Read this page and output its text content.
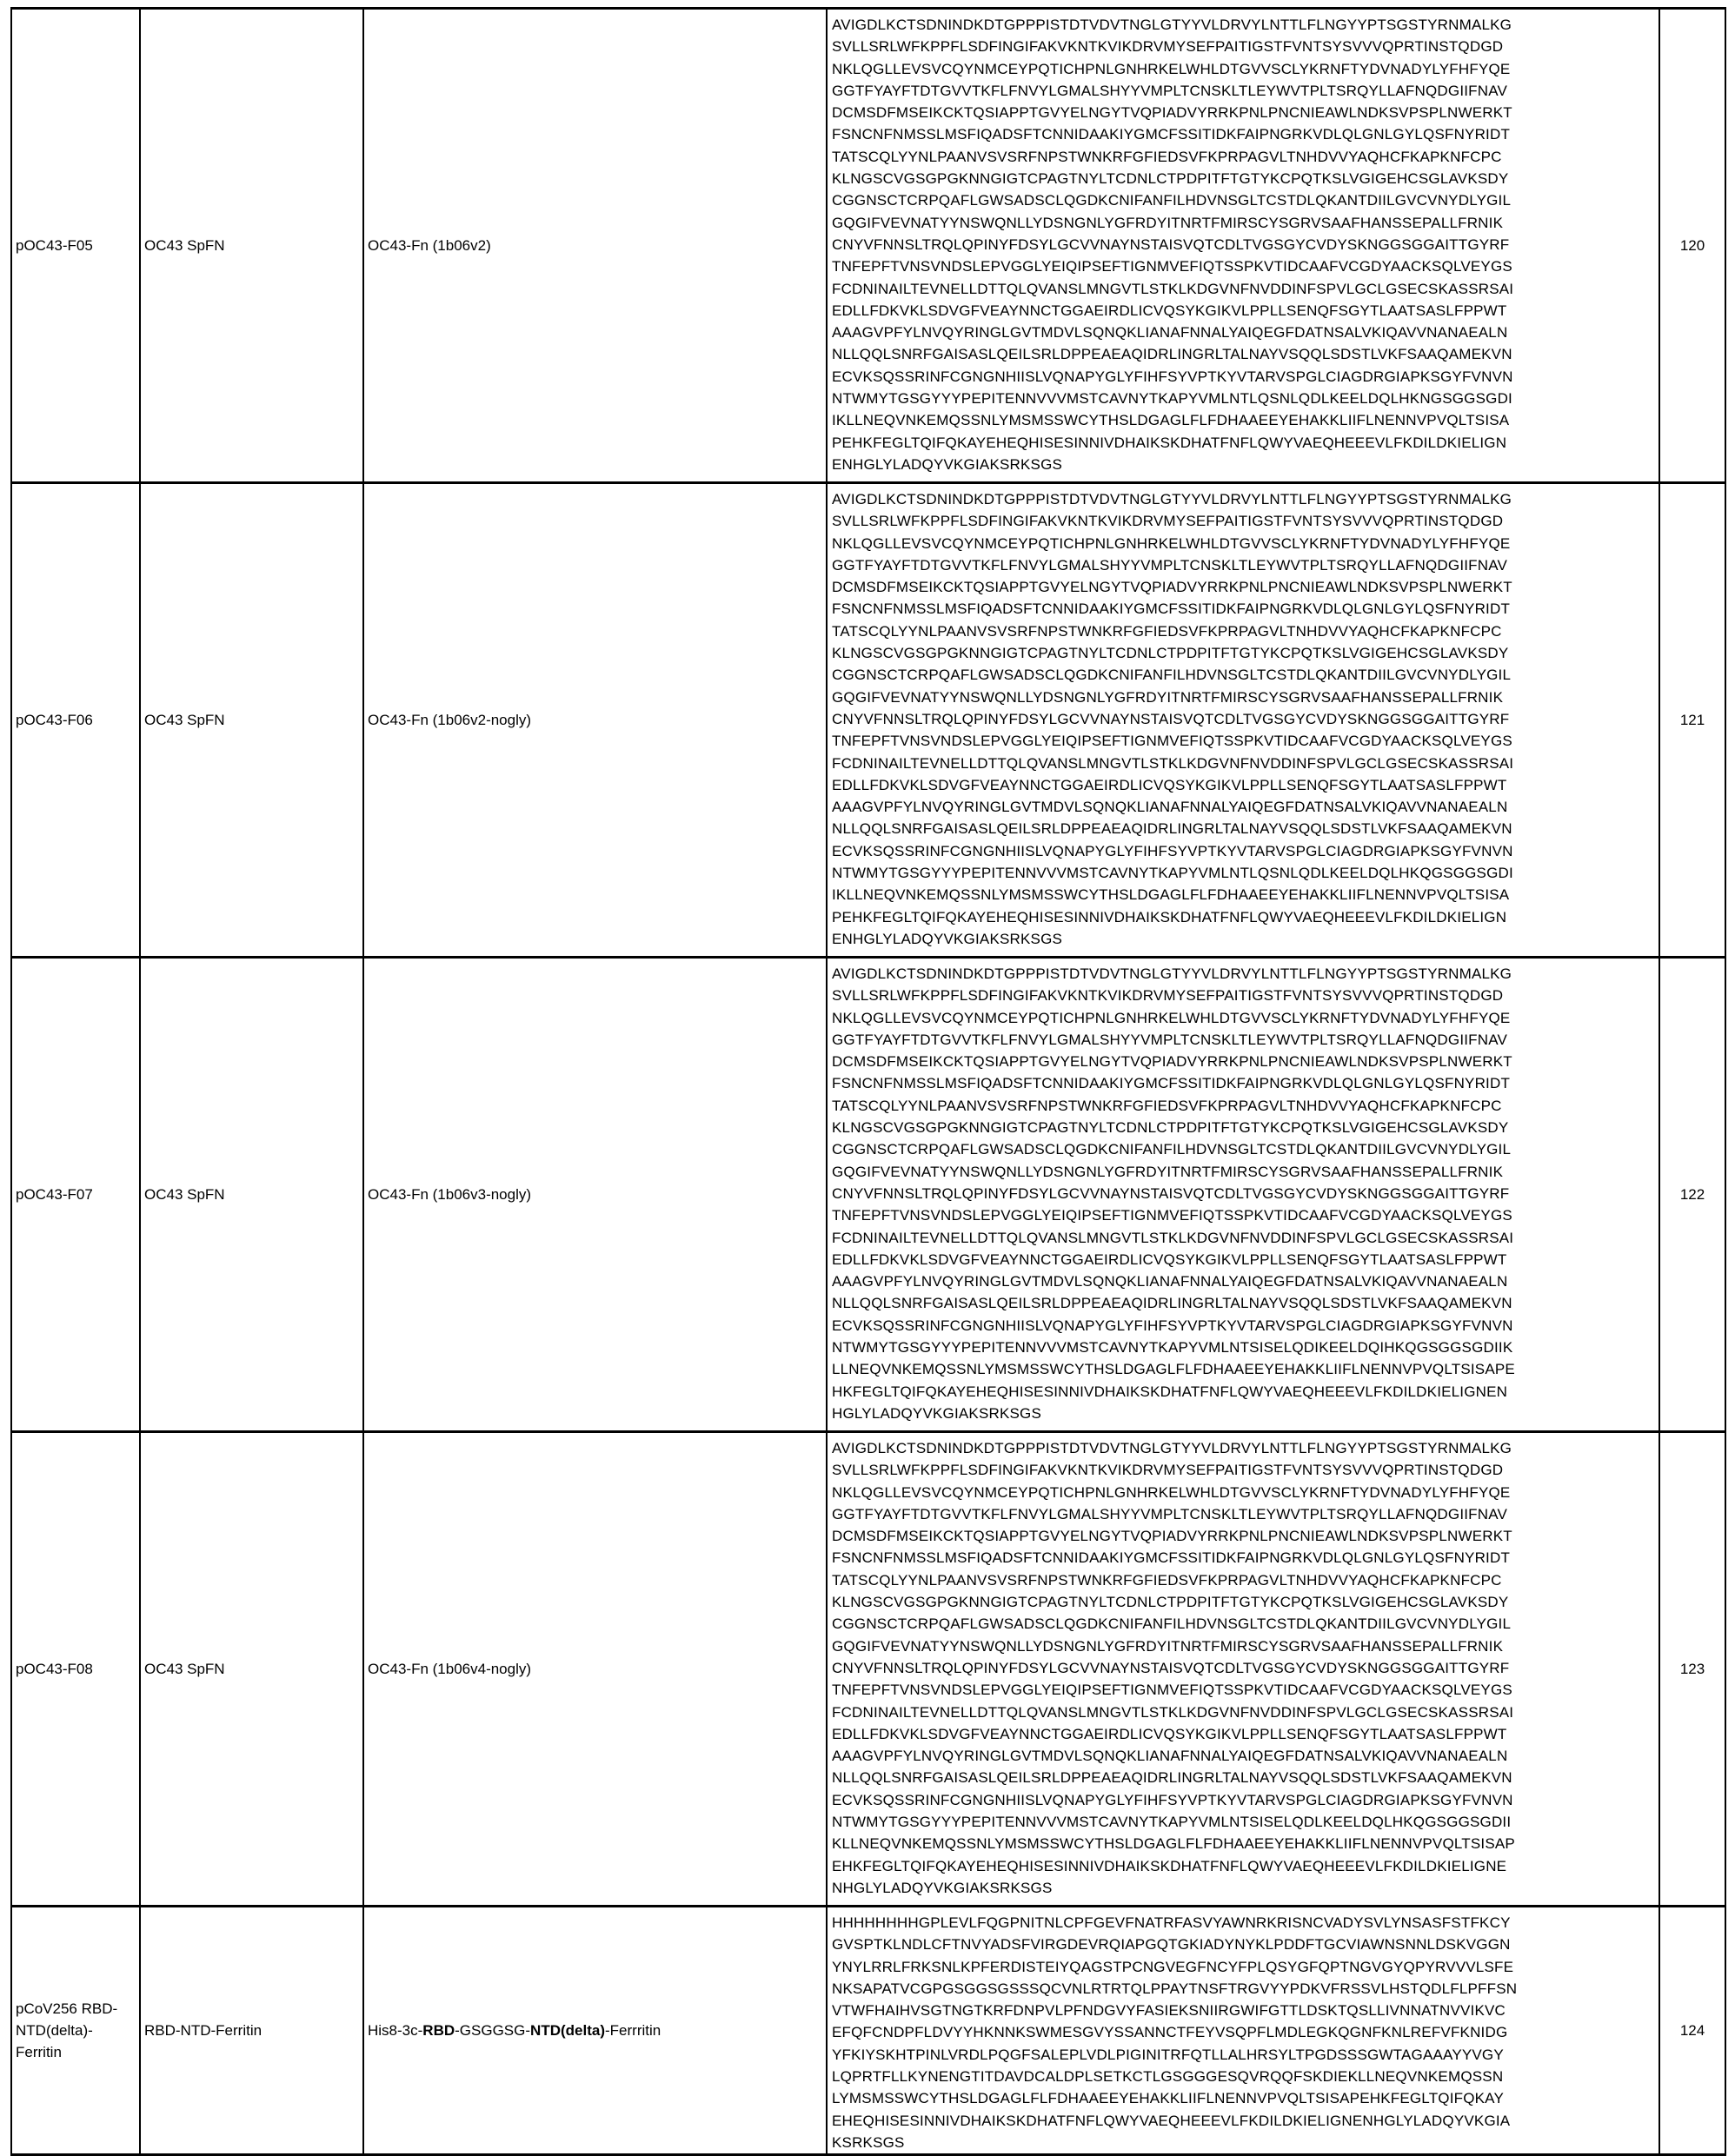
pOC43-F05	OC43 SpFN	OC43-Fn (1b06v2)	
AVIGDLKCTSDNINDKDTGPPPISTDTVDVTNGLGTYYVLDRVYLNTTLFLNGYYPTSGSTYRNMALKG
SVLLSRLWFKPPFLSDFINGIFAKVKNTKVIKDRVMYSEFPAITIGSTFVNTSYSVVVQPRTINSTQDGD
NKLQGLLEVSVCQYNMCEYPQTICHPNLGNHRKELWHLDTGVVSCLYKRNFTYDVNADYLYFHFYQE
GGTFYAYFTDTGVVTKFLFNVYLGMALSHYYVMPLTCNSKLTLEYWVTPLTSRQYLLAFNQDGIIFNAV
DCMSDFMSEIKCKTQSIAPPTGVYELNGYTVQPIADVYRRKPNLPNCNIEAWLNDKSVPSPLNWERKT
FSNCNFNMSSLMSFIQADSFTCNNIDAAKIYGMCFSSITIDKFAIPNGRKVDLQLGNLGYLQSFNYRIDT
TATSCQLYYNLPAANVSVSRFNPSTWNKRFGFIEDSVFKPRPAGVLTNHDVVYAQHCFKAPKNFCPC
KLNGSCVGSGPGKNNGIGTCPAGTNYLTCDNLCTPDPITFTGTYKCPQTKSLVGIGEHCSGLAVKSDY
CGGNSCTCRPQAFLGWSADSCLQGDKCNIFANFILHDVNSGLTCSTDLQKANTDIILGVCVNYDLYGIL
GQGIFVEVNATYYNSWQNLLYDSNGNLYGFRDYITNRTFMIRSCYSGRVSAAFHANSSEPALLFRNIK
CNYVFNNSLTRQLQPINYFDSYLGCVVNAYNSTAISVQTCDLTVGSGYCVDYSKNGGSGGAITTGYRF
TNFEPFTVNSVNDSLEPVGGLYEIQIPSEFTIGNMVEFIQTSSPKVTIDCAAFVCGDYAACKSQLVEYGS
FCDNINAILTEVNELLDTTQLQVANSLMNGVTLSTKLKDGVNFNVDDINFSPVLGCLGSECSKASSRSAI
EDLLFDKVKLSDVGFVEAYNNCTGGAEIRDLICVQSYKGIKVLPPLLSENQFSGYTLAATSASLFPPWT
AAAGVPFYLNVQYRINGLGVTMDVLSQNQKLIANAFNNALYAIQEGFDATNSALVKIQAVVNANAEALN
NLLQQLSNRFGAISASLQEILSRLDPPEAEAQIDRLINGRLTALNAYVSQQLSDSTLVKFSAAQAMEKVN
ECVKSQSSRINFCGNGNHIISLVQNAPYGLYFIHFSYVPTKYVTARVSPGLCIAGDRGIAPKSGYFVNVN
NTWMYTGSGYYYPEPITENNVVVMSTCAVNYTKAPYVMLNTLQSNLQDLKEELDQLHKNGSGGSGDI
IKLLNEQVNKEMQSSNLYMSMSSWCYTHSLDGAGLFLFDHAAEEYEHAKKLIIFLNENNVPVQLTSISA
PEHKFEGLTQIFQKAYEHEQHISESINNIVDHAIKSKDHATFNFLQWYVAEQHEEEVLFKDILDKIELIGN
ENHGLYLADQYVKGIAKSRKSGS
	120
pOC43-F06	OC43 SpFN	OC43-Fn (1b06v2-nogly)	
AVIGDLKCTSDNINDKDTGPPPISTDTVDVTNGLGTYYVLDRVYLNTTLFLNGYYPTSGSTYRNMALKG
SVLLSRLWFKPPFLSDFINGIFAKVKNTKVIKDRVMYSEFPAITIGSTFVNTSYSVVVQPRTINSTQDGD
NKLQGLLEVSVCQYNMCEYPQTICHPNLGNHRKELWHLDTGVVSCLYKRNFTYDVNADYLYFHFYQE
GGTFYAYFTDTGVVTKFLFNVYLGMALSHYYVMPLTCNSKLTLEYWVTPLTSRQYLLAFNQDGIIFNAV
DCMSDFMSEIKCKTQSIAPPTGVYELNGYTVQPIADVYRRKPNLPNCNIEAWLNDKSVPSPLNWERKT
FSNCNFNMSSLMSFIQADSFTCNNIDAAKIYGMCFSSITIDKFAIPNGRKVDLQLGNLGYLQSFNYRIDT
TATSCQLYYNLPAANVSVSRFNPSTWNKRFGFIEDSVFKPRPAGVLTNHDVVYAQHCFKAPKNFCPC
KLNGSCVGSGPGKNNGIGTCPAGTNYLTCDNLCTPDPITFTGTYKCPQTKSLVGIGEHCSGLAVKSDY
CGGNSCTCRPQAFLGWSADSCLQGDKCNIFANFILHDVNSGLTCSTDLQKANTDIILGVCVNYDLYGIL
GQGIFVEVNATYYNSWQNLLYDSNGNLYGFRDYITNRTFMIRSCYSGRVSAAFHANSSEPALLFRNIK
CNYVFNNSLTRQLQPINYFDSYLGCVVNAYNSTAISVQTCDLTVGSGYCVDYSKNGGSGGAITTGYRF
TNFEPFTVNSVNDSLEPVGGLYEIQIPSEFTIGNMVEFIQTSSPKVTIDCAAFVCGDYAACKSQLVEYGS
FCDNINAILTEVNELLDTTQLQVANSLMNGVTLSTKLKDGVNFNVDDINFSPVLGCLGSECSKASSRSAI
EDLLFDKVKLSDVGFVEAYNNCTGGAEIRDLICVQSYKGIKVLPPLLSENQFSGYTLAATSASLFPPWT
AAAGVPFYLNVQYRINGLGVTMDVLSQNQKLIANAFNNALYAIQEGFDATNSALVKIQAVVNANAEALN
NLLQQLSNRFGAISASLQEILSRLDPPEAEAQIDRLINGRLTALNAYVSQQLSDSTLVKFSAAQAMEKVN
ECVKSQSSRINFCGNGNHIISLVQNAPYGLYFIHFSYVPTKYVTARVSPGLCIAGDRGIAPKSGYFVNVN
NTWMYTGSGYYYPEPITENNVVVMSTCAVNYTKAPYVMLNTLQSNLQDLKEELDQLHKQGSGGSGDI
IKLLNEQVNKEMQSSNLYMSMSSWCYTHSLDGAGLFLFDHAAEEYEHAKKLIIFLNENNVPVQLTSISA
PEHKFEGLTQIFQKAYEHEQHISESINNIVDHAIKSKDHATFNFLQWYVAEQHEEEVLFKDILDKIELIGN
ENHGLYLADQYVKGIAKSRKSGS
	121
pOC43-F07	OC43 SpFN	OC43-Fn (1b06v3-nogly)	
AVIGDLKCTSDNINDKDTGPPPISTDTVDVTNGLGTYYVLDRVYLNTTLFLNGYYPTSGSTYRNMALKG
SVLLSRLWFKPPFLSDFINGIFAKVKNTKVIKDRVMYSEFPAITIGSTFVNTSYSVVVQPRTINSTQDGD
NKLQGLLEVSVCQYNMCEYPQTICHPNLGNHRKELWHLDTGVVSCLYKRNFTYDVNADYLYFHFYQE
GGTFYAYFTDTGVVTKFLFNVYLGMALSHYYVMPLTCNSKLTLEYWVTPLTSRQYLLAFNQDGIIFNAV
DCMSDFMSEIKCKTQSIAPPTGVYELNGYTVQPIADVYRRKPNLPNCNIEAWLNDKSVPSPLNWERKT
FSNCNFNMSSLMSFIQADSFTCNNIDAAKIYGMCFSSITIDKFAIPNGRKVDLQLGNLGYLQSFNYRIDT
TATSCQLYYNLPAANVSVSRFNPSTWNKRFGFIEDSVFKPRPAGVLTNHDVVYAQHCFKAPKNFCPC
KLNGSCVGSGPGKNNGIGTCPAGTNYLTCDNLCTPDPITFTGTYKCPQTKSLVGIGEHCSGLAVKSDY
CGGNSCTCRPQAFLGWSADSCLQGDKCNIFANFILHDVNSGLTCSTDLQKANTDIILGVCVNYDLYGIL
GQGIFVEVNATYYNSWQNLLYDSNGNLYGFRDYITNRTFMIRSCYSGRVSAAFHANSSEPALLFRNIK
CNYVFNNSLTRQLQPINYFDSYLGCVVNAYNSTAISVQTCDLTVGSGYCVDYSKNGGSGGAITTGYRF
TNFEPFTVNSVNDSLEPVGGLYEIQIPSEFTIGNMVEFIQTSSPKVTIDCAAFVCGDYAACKSQLVEYGS
FCDNINAILTEVNELLDTTQLQVANSLMNGVTLSTKLKDGVNFNVDDINFSPVLGCLGSECSKASSRSAI
EDLLFDKVKLSDVGFVEAYNNCTGGAEIRDLICVQSYKGIKVLPPLLSENQFSGYTLAATSASLFPPWT
AAAGVPFYLNVQYRINGLGVTMDVLSQNQKLIANAFNNALYAIQEGFDATNSALVKIQAVVNANAEALN
NLLQQLSNRFGAISASLQEILSRLDPPEAEAQIDRLINGRLTALNAYVSQQLSDSTLVKFSAAQAMEKVN
ECVKSQSSRINFCGNGNHIISLVQNAPYGLYFIHFSYVPTKYVTARVSPGLCIAGDRGIAPKSGYFVNVN
NTWMYTGSGYYYPEPITENNVVVMSTCAVNYTKAPYVMLNTSISELQDIKEELDQIHKQGSGGSGDIIK
LLNEQVNKEMQSSNLYMSMSSWCYTHSLDGAGLFLFDHAAEEYEHAKKLIIFLNENNVPVQLTSISAPE
HKFEGLTQIFQKAYEHEQHISESINNIVDHAIKSKDHATFNFLQWYVAEQHEEEVLFKDILDKIELIGNEN
HGLYLADQYVKGIAKSRKSGS
	122
pOC43-F08	OC43 SpFN	OC43-Fn (1b06v4-nogly)	
AVIGDLKCTSDNINDKDTGPPPISTDTVDVTNGLGTYYVLDRVYLNTTLFLNGYYPTSGSTYRNMALKG
SVLLSRLWFKPPFLSDFINGIFAKVKNTKVIKDRVMYSEFPAITIGSTFVNTSYSVVVQPRTINSTQDGD
NKLQGLLEVSVCQYNMCEYPQTICHPNLGNHRKELWHLDTGVVSCLYKRNFTYDVNADYLYFHFYQE
GGTFYAYFTDTGVVTKFLFNVYLGMALSHYYVMPLTCNSKLTLEYWVTPLTSRQYLLAFNQDGIIFNAV
DCMSDFMSEIKCKTQSIAPPTGVYELNGYTVQPIADVYRRKPNLPNCNIEAWLNDKSVPSPLNWERKT
FSNCNFNMSSLMSFIQADSFTCNNIDAAKIYGMCFSSITIDKFAIPNGRKVDLQLGNLGYLQSFNYRIDT
TATSCQLYYNLPAANVSVSRFNPSTWNKRFGFIEDSVFKPRPAGVLTNHDVVYAQHCFKAPKNFCPC
KLNGSCVGSGPGKNNGIGTCPAGTNYLTCDNLCTPDPITFTGTYKCPQTKSLVGIGEHCSGLAVKSDY
CGGNSCTCRPQAFLGWSADSCLQGDKCNIFANFILHDVNSGLTCSTDLQKANTDIILGVCVNYDLYGIL
GQGIFVEVNATYYNSWQNLLYDSNGNLYGFRDYITNRTFMIRSCYSGRVSAAFHANSSEPALLFRNIK
CNYVFNNSLTRQLQPINYFDSYLGCVVNAYNSTAISVQTCDLTVGSGYCVDYSKNGGSGGAITTGYRF
TNFEPFTVNSVNDSLEPVGGLYEIQIPSEFTIGNMVEFIQTSSPKVTIDCAAFVCGDYAACKSQLVEYGS
FCDNINAILTEVNELLDTTQLQVANSLMNGVTLSTKLKDGVNFNVDDINFSPVLGCLGSECSKASSRSAI
EDLLFDKVKLSDVGFVEAYNNCTGGAEIRDLICVQSYKGIKVLPPLLSENQFSGYTLAATSASLFPPWT
AAAGVPFYLNVQYRINGLGVTMDVLSQNQKLIANAFNNALYAIQEGFDATNSALVKIQAVVNANAEALN
NLLQQLSNRFGAISASLQEILSRLDPPEAEAQIDRLINGRLTALNAYVSQQLSDSTLVKFSAAQAMEKVN
ECVKSQSSRINFCGNGNHIISLVQNAPYGLYFIHFSYVPTKYVTARVSPGLCIAGDRGIAPKSGYFVNVN
NTWMYTGSGYYYPEPITENNVVVMSTCAVNYTKAPYVMLNTSISELQDLKEELDQLHKQGSGGSGDII
KLLNEQVNKEMQSSNLYMSMSSWCYTHSLDGAGLFLFDHAAEEYEHAKKLIIFLNENNVPVQLTSISAP
EHKFEGLTQIFQKAYEHEQHISESINNIVDHAIKSKDHATFNFLQWYVAEQHEEEVLFKDILDKIELIGNE
NHGLYLADQYVKGIAKSRKSGS
	123
pCoV256 RBD-NTD(delta)-Ferritin	RBD-NTD-Ferritin	His8-3c-RBD-GSGGSG-NTD(delta)-Ferrritin	
HHHHHHHHGPLEVLFQGPNITNLCPFGEVFNATRFASVYAWNRKRISNCVADYSVLYNSASFSTFKCY
GVSPTKLNDLCFTNVYADSFVIRGDEVRQIAPGQTGKIADYNYKLPDDFTGCVIAWNSNNLDSKVGGN
YNYLRRLFRKSNLKPFERDISTEIYQAGSTPCNGVEGFNCYFPLQSYGFQPTNGVGYQPYRVVVLSFE
NKSAPATVCGPGSGGSGSSSQCVNLRTRTQLPPAYTNSFTRGVYYPDKVFRSSVLHSTQDLFLPFFSN
VTWFHAIHVSGTNGTKRFDNPVLPFNDGVYFASIEKSNIIRGWIFGTTLDSKTQSLLIVNNATNVVIKVC
EFQFCNDPFLDVYYHKNNKSWMESGVYSSANNCTFEYVSQPFLMDLEGKQGNFKNLREFVFKNIDG
YFKIYSKHTPINLVRDLPQGFSALEPLVDLPIGINITRFQTLLALHRSYLTPGDSSSGWTAGAAAYYVGY
LQPRTFLLKYNENGTITDAVDCALDPLSETKCTLGSGGGESQVRQQFSKDIEKLLNEQVNKEMQSSN
LYMSMSSWCYTHSLDGAGLFLFDHAAEEYEHAKKLIIFLNENNVPVQLTSISAPEHKFEGLTQIFQKAY
EHEQHISESINNIVDHAIKSKDHATFNFLQWYVAEQHEEEVLFKDILDKIELIGNENHGLYLADQYVKGIA
KSRKSGS
	124
